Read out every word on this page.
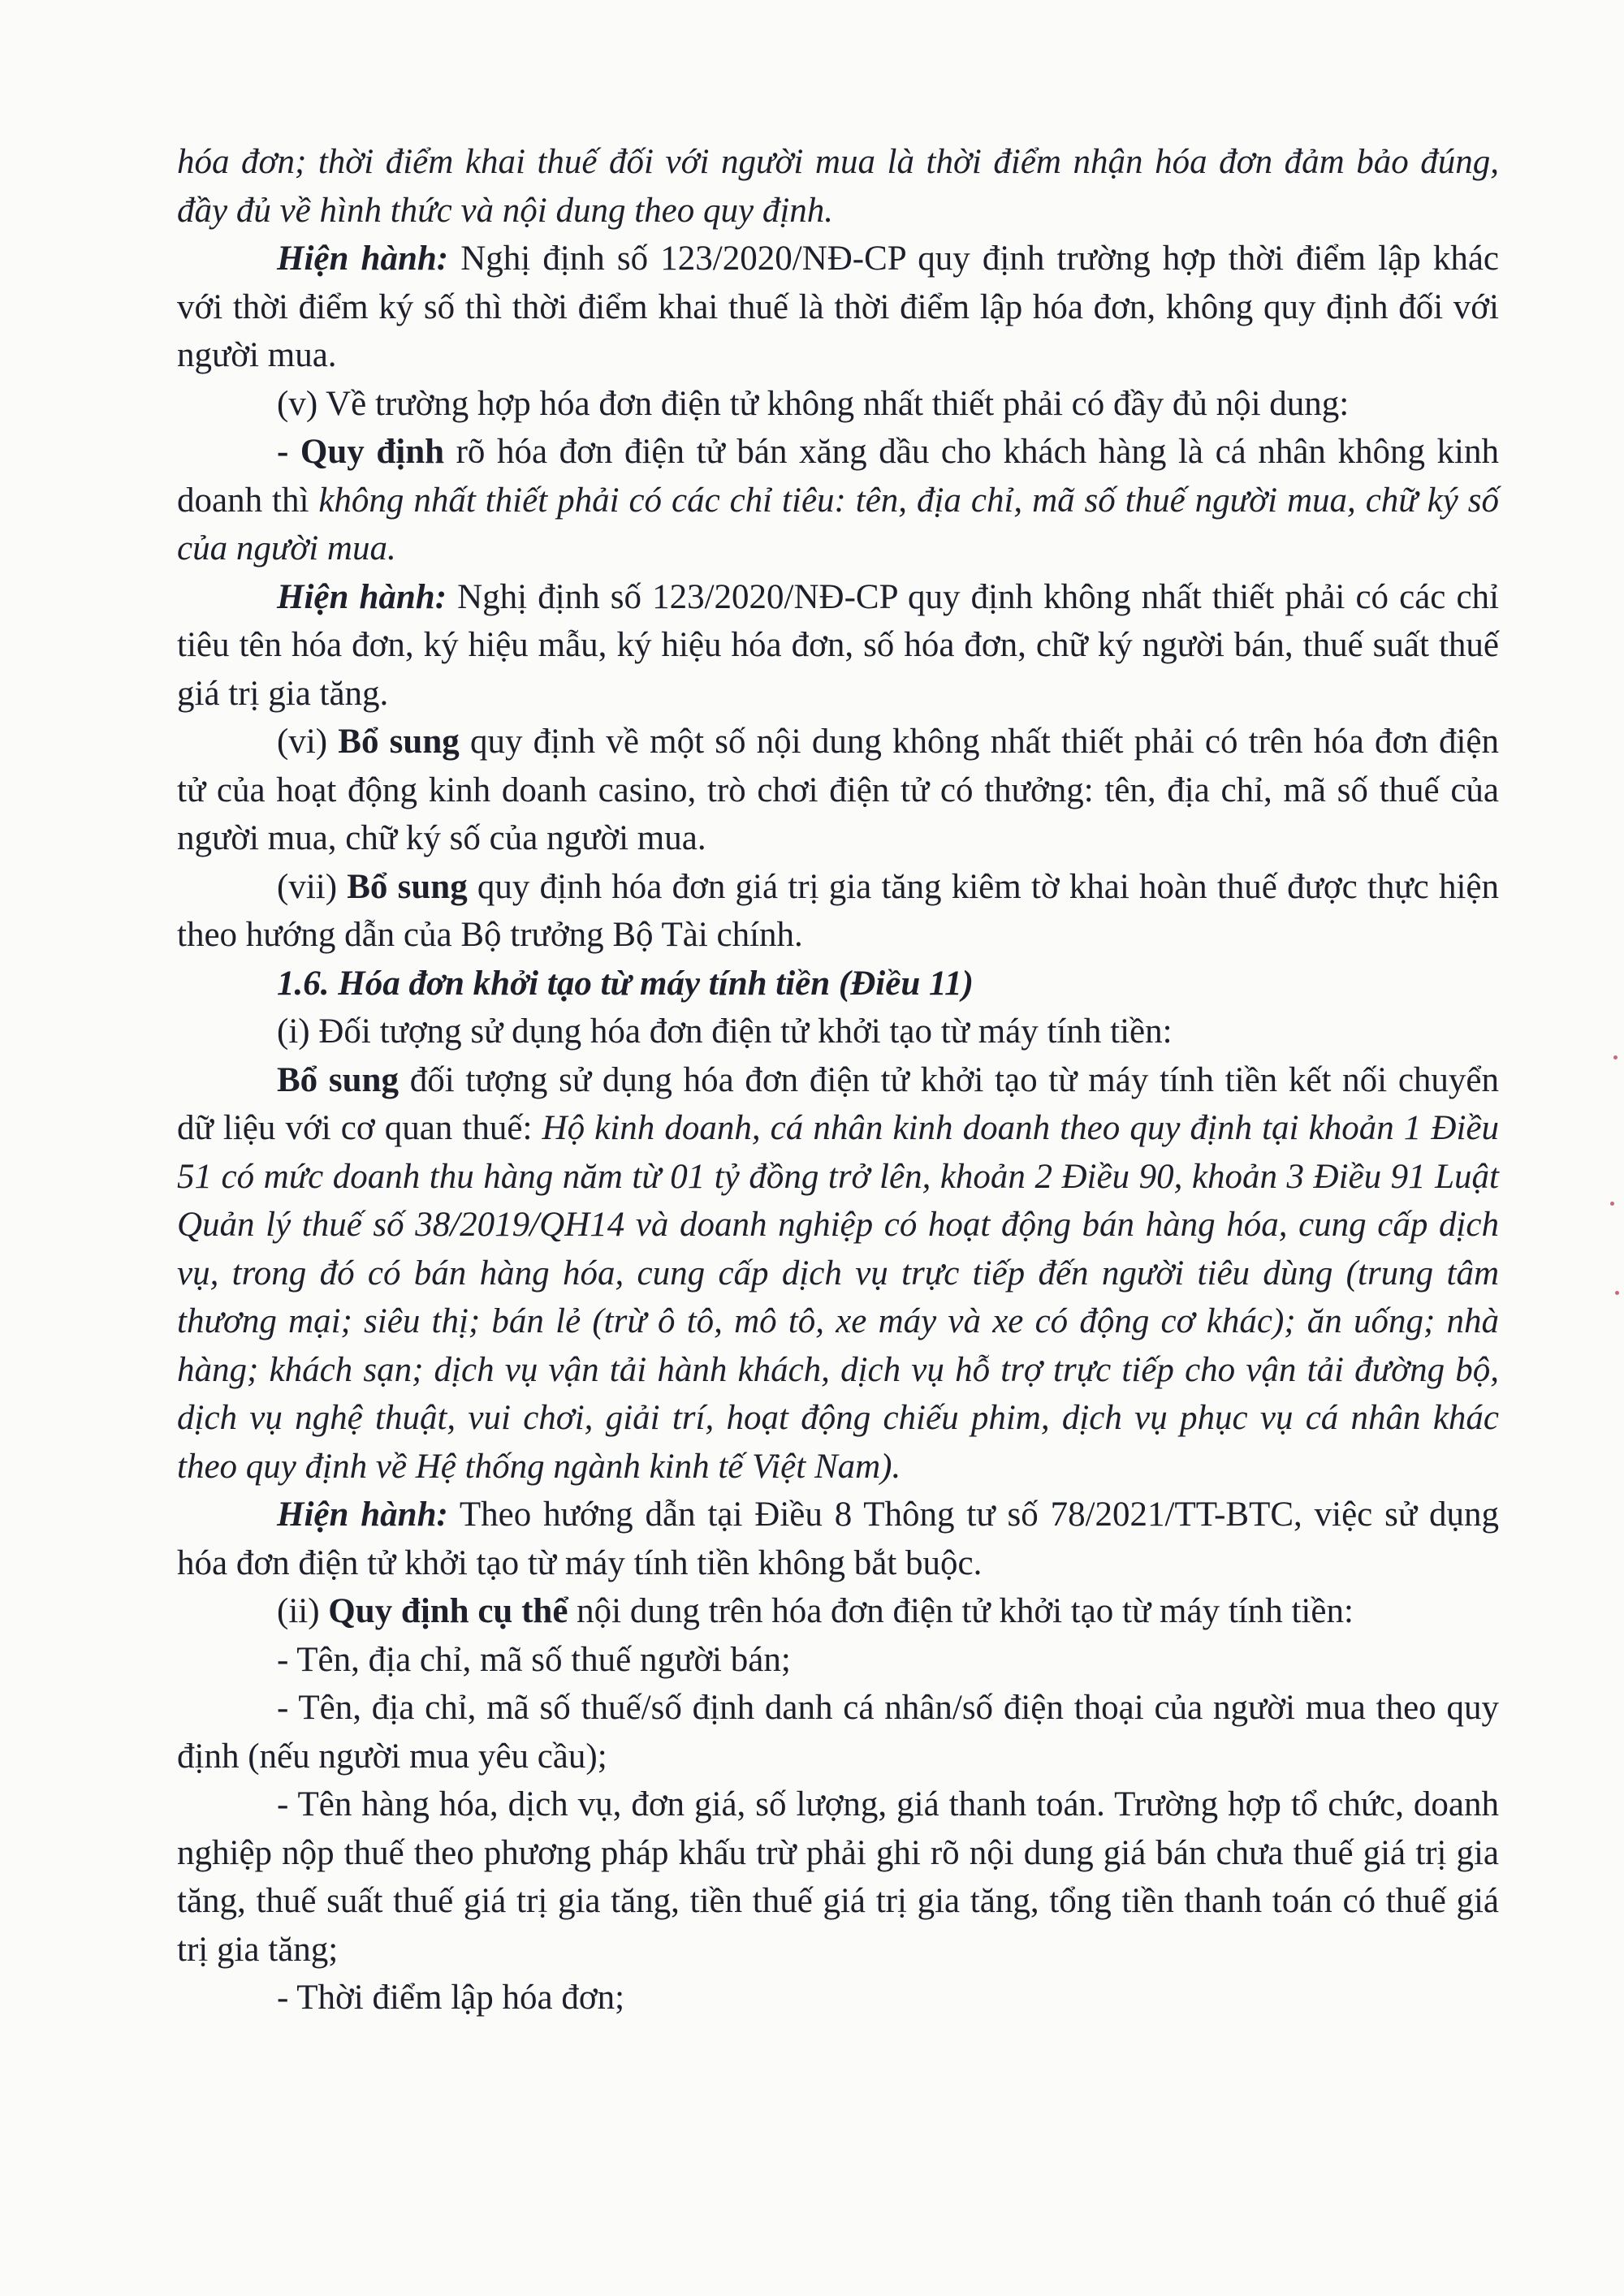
hóa đơn; thời điểm khai thuế đối với người mua là thời điểm nhận hóa đơn đảm bảo đúng, đầy đủ về hình thức và nội dung theo quy định.

Hiện hành: Nghị định số 123/2020/NĐ-CP quy định trường hợp thời điểm lập khác với thời điểm ký số thì thời điểm khai thuế là thời điểm lập hóa đơn, không quy định đối với người mua.

(v) Về trường hợp hóa đơn điện tử không nhất thiết phải có đầy đủ nội dung:

- Quy định rõ hóa đơn điện tử bán xăng dầu cho khách hàng là cá nhân không kinh doanh thì không nhất thiết phải có các chỉ tiêu: tên, địa chỉ, mã số thuế người mua, chữ ký số của người mua.

Hiện hành: Nghị định số 123/2020/NĐ-CP quy định không nhất thiết phải có các chỉ tiêu tên hóa đơn, ký hiệu mẫu, ký hiệu hóa đơn, số hóa đơn, chữ ký người bán, thuế suất thuế giá trị gia tăng.

(vi) Bổ sung quy định về một số nội dung không nhất thiết phải có trên hóa đơn điện tử của hoạt động kinh doanh casino, trò chơi điện tử có thưởng: tên, địa chỉ, mã số thuế của người mua, chữ ký số của người mua.

(vii) Bổ sung quy định hóa đơn giá trị gia tăng kiêm tờ khai hoàn thuế được thực hiện theo hướng dẫn của Bộ trưởng Bộ Tài chính.

1.6. Hóa đơn khởi tạo từ máy tính tiền (Điều 11)

(i) Đối tượng sử dụng hóa đơn điện tử khởi tạo từ máy tính tiền:

Bổ sung đối tượng sử dụng hóa đơn điện tử khởi tạo từ máy tính tiền kết nối chuyển dữ liệu với cơ quan thuế: Hộ kinh doanh, cá nhân kinh doanh theo quy định tại khoản 1 Điều 51 có mức doanh thu hàng năm từ 01 tỷ đồng trở lên, khoản 2 Điều 90, khoản 3 Điều 91 Luật Quản lý thuế số 38/2019/QH14 và doanh nghiệp có hoạt động bán hàng hóa, cung cấp dịch vụ, trong đó có bán hàng hóa, cung cấp dịch vụ trực tiếp đến người tiêu dùng (trung tâm thương mại; siêu thị; bán lẻ (trừ ô tô, mô tô, xe máy và xe có động cơ khác); ăn uống; nhà hàng; khách sạn; dịch vụ vận tải hành khách, dịch vụ hỗ trợ trực tiếp cho vận tải đường bộ, dịch vụ nghệ thuật, vui chơi, giải trí, hoạt động chiếu phim, dịch vụ phục vụ cá nhân khác theo quy định về Hệ thống ngành kinh tế Việt Nam).

Hiện hành: Theo hướng dẫn tại Điều 8 Thông tư số 78/2021/TT-BTC, việc sử dụng hóa đơn điện tử khởi tạo từ máy tính tiền không bắt buộc.

(ii) Quy định cụ thể nội dung trên hóa đơn điện tử khởi tạo từ máy tính tiền:

- Tên, địa chỉ, mã số thuế người bán;

- Tên, địa chỉ, mã số thuế/số định danh cá nhân/số điện thoại của người mua theo quy định (nếu người mua yêu cầu);

- Tên hàng hóa, dịch vụ, đơn giá, số lượng, giá thanh toán. Trường hợp tổ chức, doanh nghiệp nộp thuế theo phương pháp khấu trừ phải ghi rõ nội dung giá bán chưa thuế giá trị gia tăng, thuế suất thuế giá trị gia tăng, tiền thuế giá trị gia tăng, tổng tiền thanh toán có thuế giá trị gia tăng;

- Thời điểm lập hóa đơn;
